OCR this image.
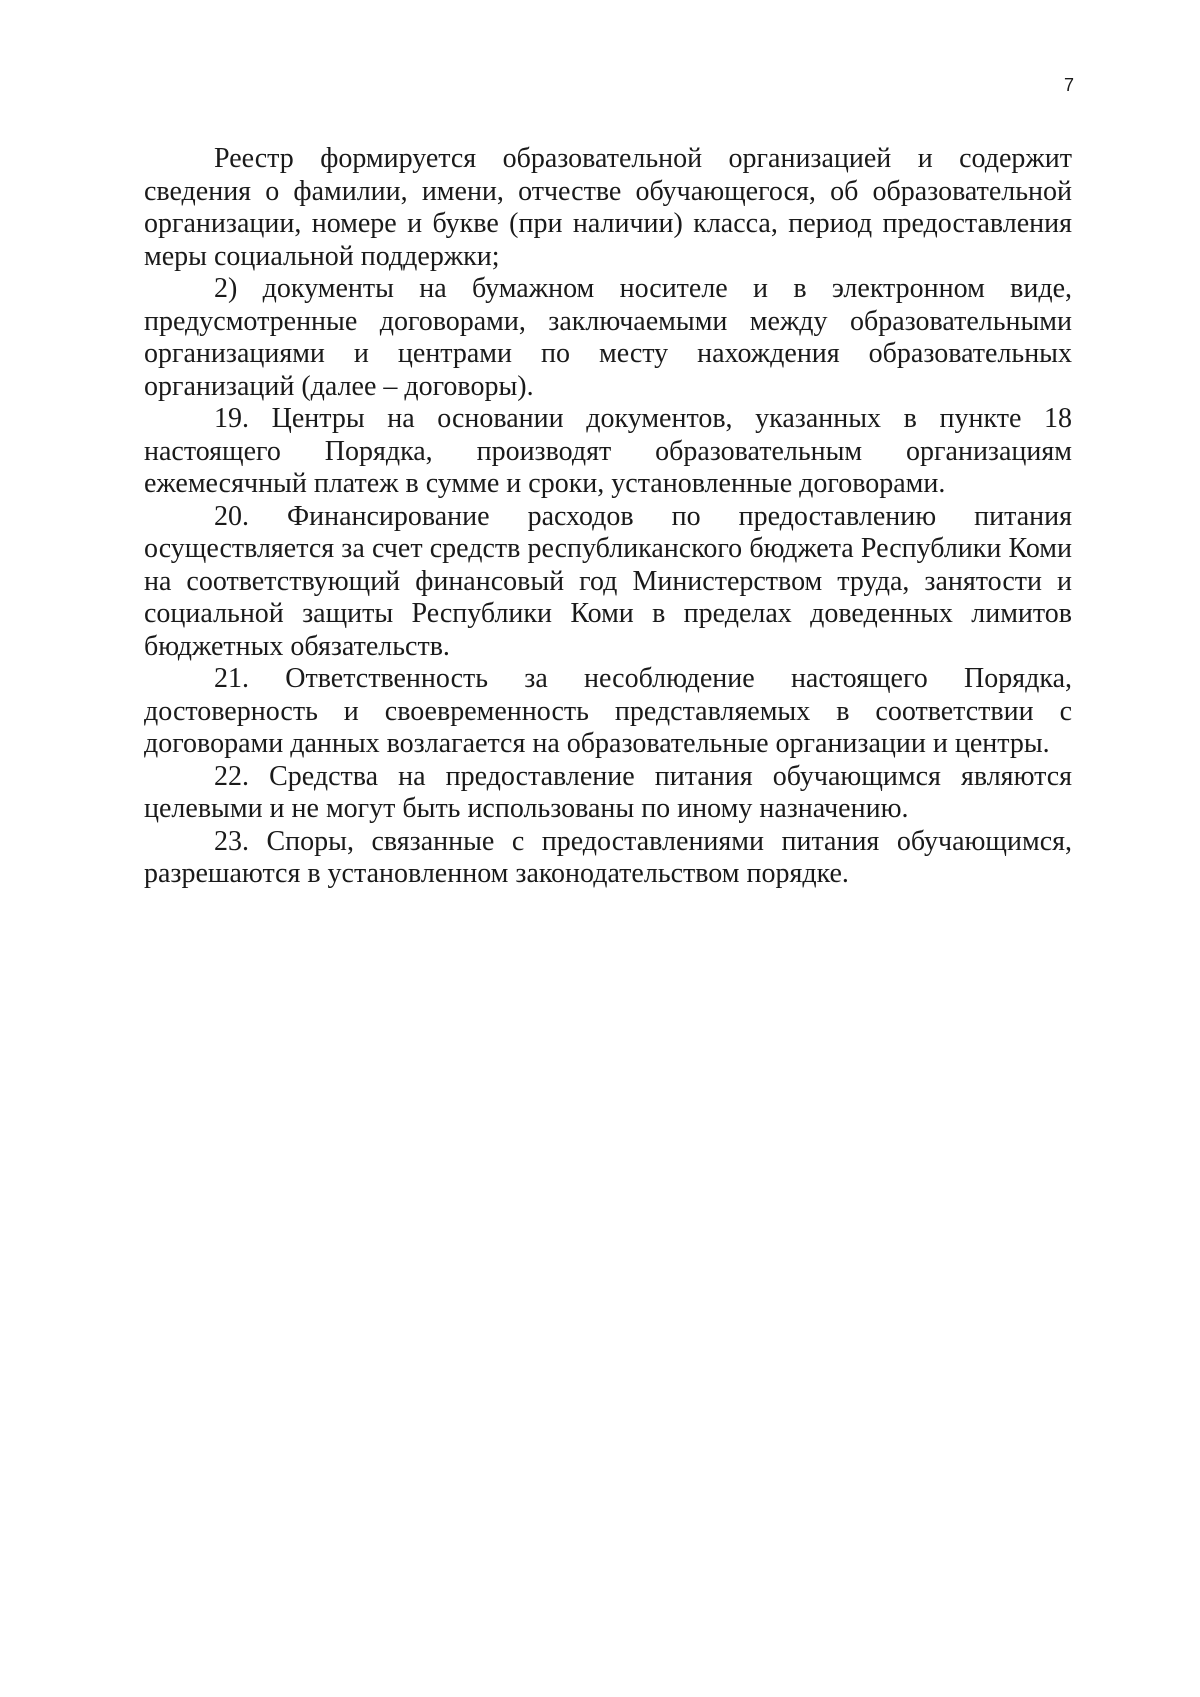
7

Реестр формируется образовательной организацией и содержит сведения о фамилии, имени, отчестве обучающегося, об образовательной организации, номере и букве (при наличии) класса, период предоставления меры социальной поддержки;

2) документы на бумажном носителе и в электронном виде, предусмотренные договорами, заключаемыми между образовательными организациями и центрами по месту нахождения образовательных организаций (далее – договоры).

19. Центры на основании документов, указанных в пункте 18 настоящего Порядка, производят образовательным организациям ежемесячный платеж в сумме и сроки, установленные договорами.

20. Финансирование расходов по предоставлению питания осуществляется за счет средств республиканского бюджета Республики Коми на соответствующий финансовый год Министерством труда, занятости и социальной защиты Республики Коми в пределах доведенных лимитов бюджетных обязательств.

21. Ответственность за несоблюдение настоящего Порядка, достоверность и своевременность представляемых в соответствии с договорами данных возлагается на образовательные организации и центры.

22. Средства на предоставление питания обучающимся являются целевыми и не могут быть использованы по иному назначению.

23. Споры, связанные с предоставлениями питания обучающимся, разрешаются в установленном законодательством порядке.
